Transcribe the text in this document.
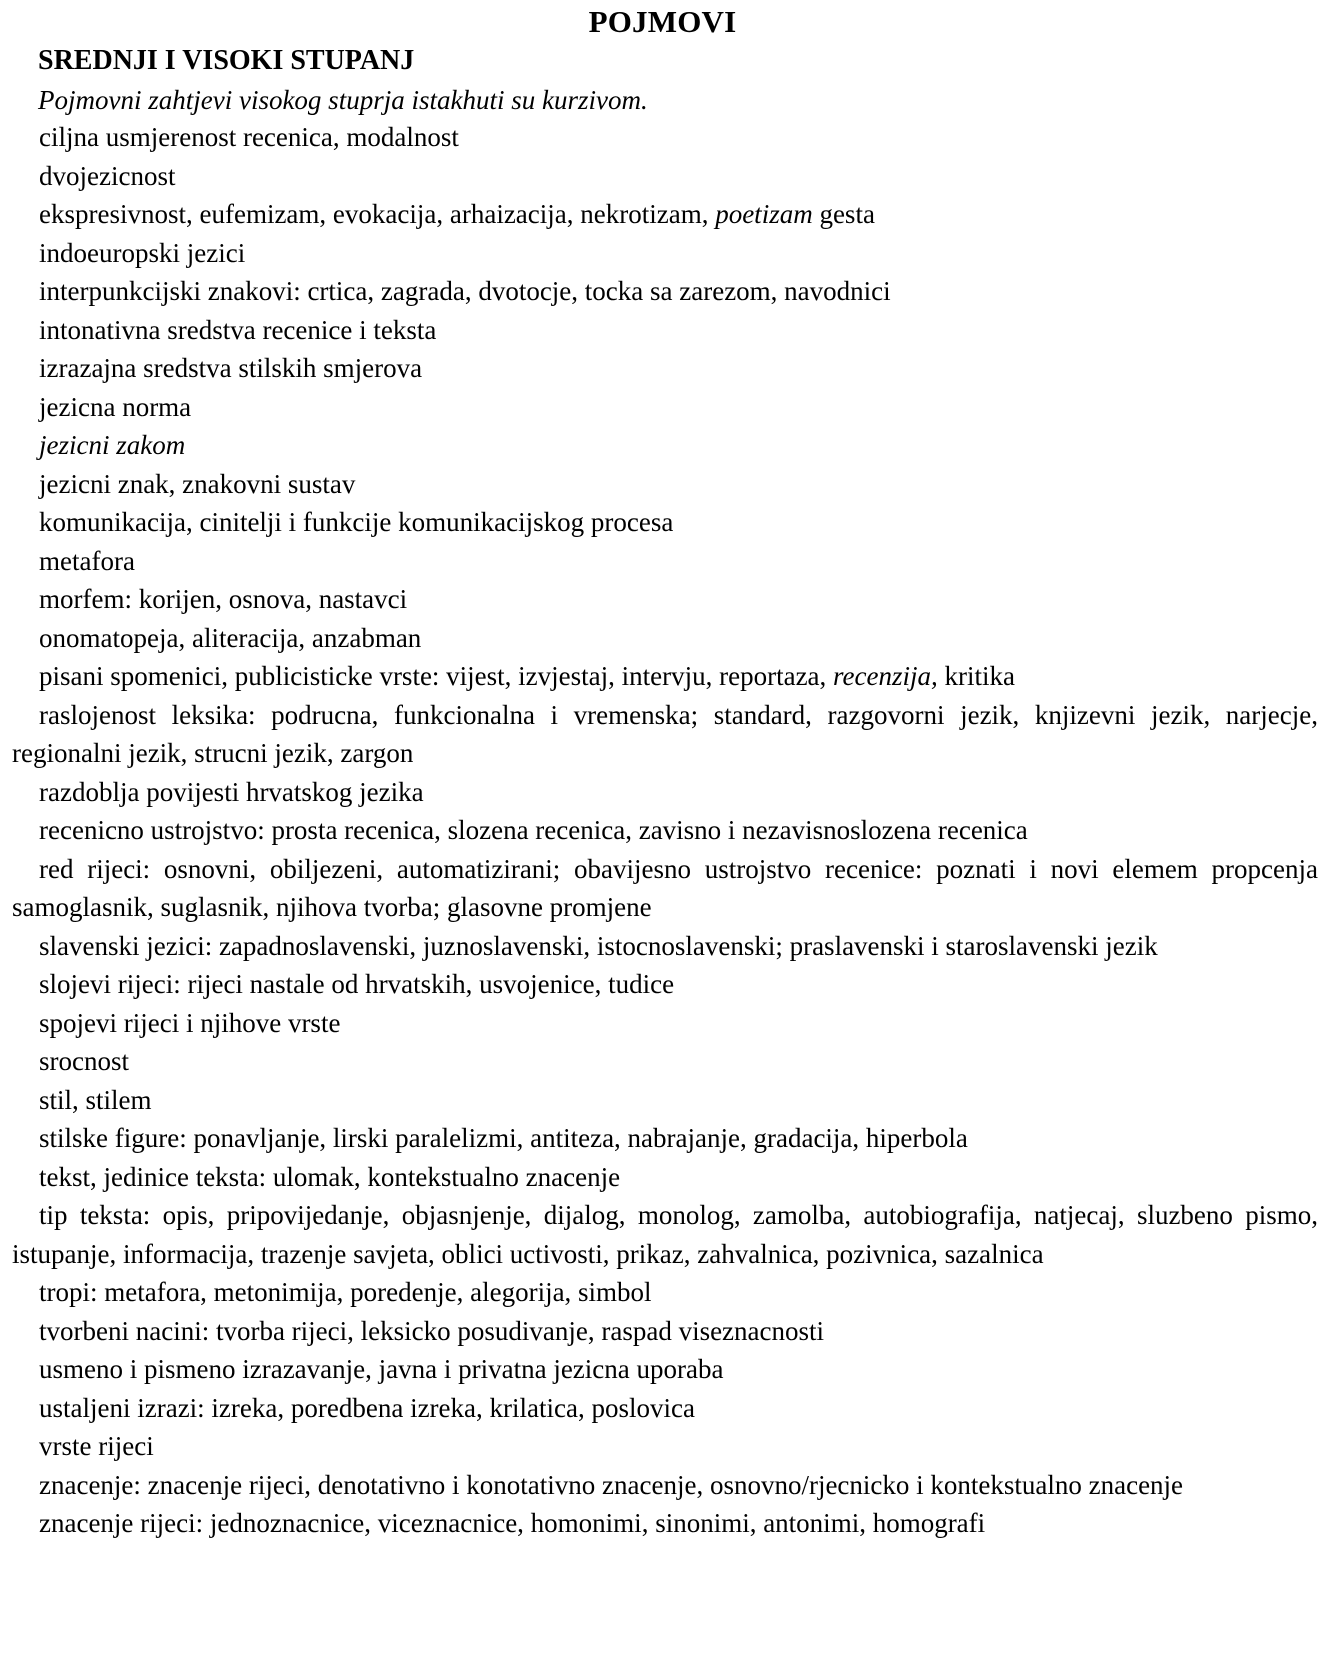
POJMOVI
SREDNJI I VISOKI STUPANJ

Pojmovni zahtjevi visokog stuprja istakhuti su kurzivom.

ciljna usmjerenost recenica, modalnost
dvojezicnost
ekspresivnost, eufemizam, evokacija, arhaizacija, nekrotizam, poetizam gesta
indoeuropski jezici
interpunkcijski znakovi: crtica, zagrada, dvotocje, tocka sa zarezom, navodnici
intonativna sredstva recenice i teksta
izrazajna sredstva stilskih smjerova
jezicna norma
jezicni zakom
jezicni znak, znakovni sustav
komunikacija, cinitelji i funkcije komunikacijskog procesa
metafora
morfem: korijen, osnova, nastavci
onomatopeja, aliteracija, anzabman
pisani spomenici, publicisticke vrste: vijest, izvjestaj, intervju, reportaza, recenzija, kritika
raslojenost leksika: podrucna, funkcionalna i vremenska; standard, razgovorni jezik, knjizevni jezik, narjecje, regionalni jezik, strucni jezik, zargon
razdoblja povijesti hrvatskog jezika
recenicno ustrojstvo: prosta recenica, slozena recenica, zavisno i nezavisnoslozena recenica
red rijeci: osnovni, obiljezeni, automatizirani; obavijesno ustrojstvo recenice: poznati i novi elemem propcenja samoglasnik, suglasnik, njihova tvorba; glasovne promjene
slavenski jezici: zapadnoslavenski, juznoslavenski, istocnoslavenski; praslavenski i staroslavenski jezik
slojevi rijeci: rijeci nastale od hrvatskih, usvojenice, tudice
spojevi rijeci i njihove vrste
srocnost
stil, stilem
stilske figure: ponavljanje, lirski paralelizmi, antiteza, nabrajanje, gradacija, hiperbola
tekst, jedinice teksta: ulomak, kontekstualno znacenje
tip teksta: opis, pripovijedanje, objasnjenje, dijalog, monolog, zamolba, autobiografija, natjecaj, sluzbeno pismo, istupanje, informacija, trazenje savjeta, oblici uctivosti, prikaz, zahvalnica, pozivnica, sazalnica
tropi: metafora, metonimija, poredenje, alegorija, simbol
tvorbeni nacini: tvorba rijeci, leksicko posudivanje, raspad viseznacnosti
usmeno i pismeno izrazavanje, javna i privatna jezicna uporaba
ustaljeni izrazi: izreka, poredbena izreka, krilatica, poslovica
vrste rijeci
znacenje: znacenje rijeci, denotativno i konotativno znacenje, osnovno/rjecnicko i kontekstualno znacenje
znacenje rijeci: jednoznacnice, viceznacnice, homonimi, sinonimi, antonimi, homografi
